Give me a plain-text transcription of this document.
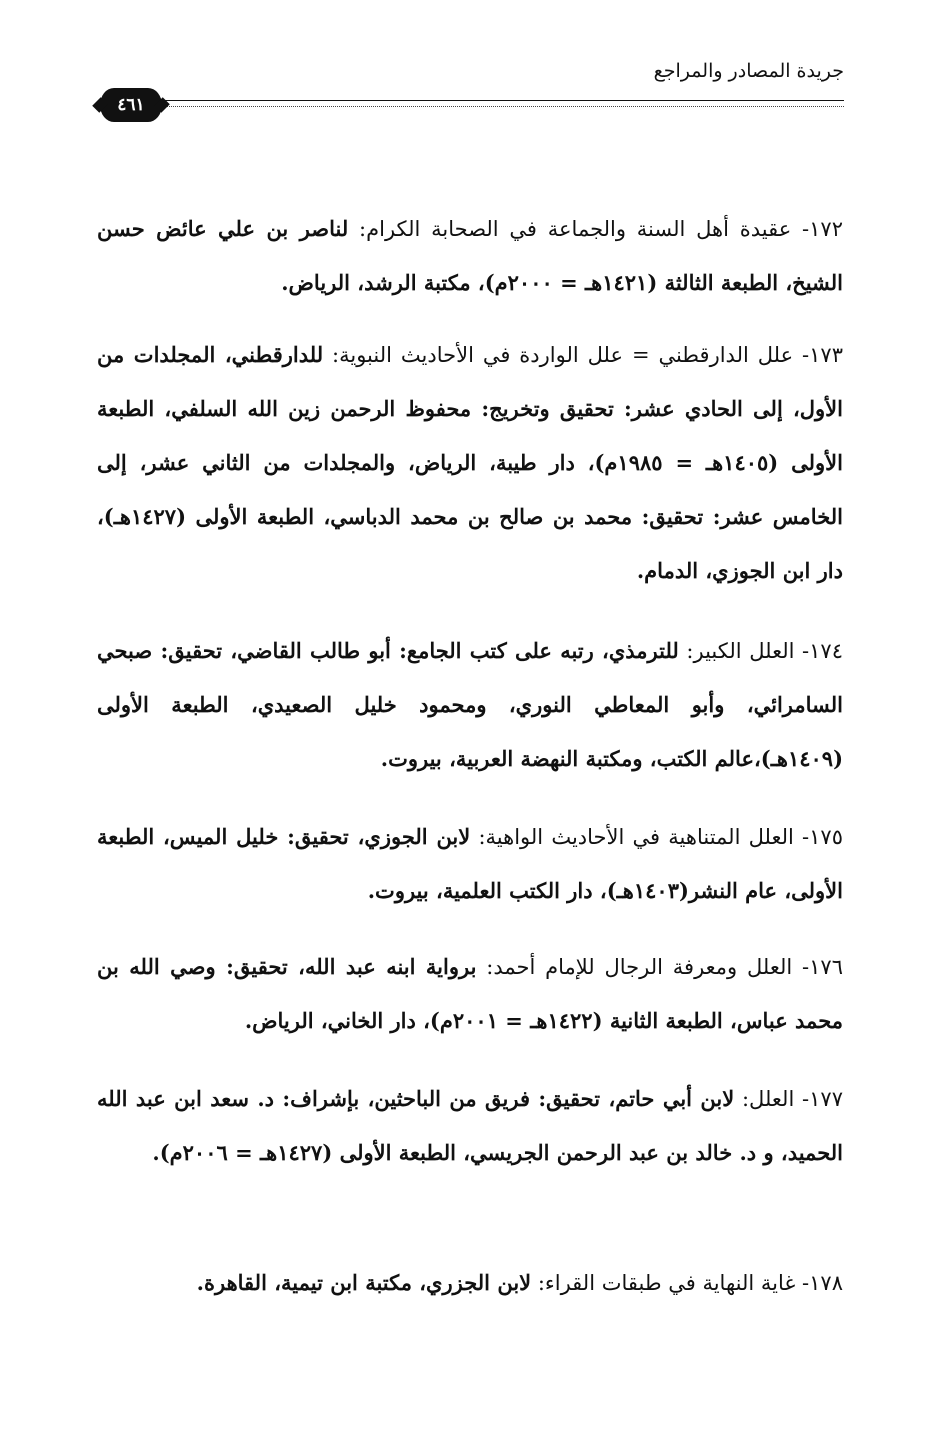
جريدة المصادر والمراجع
٤٦١

١٧٢- عقيدة أهل السنة والجماعة في الصحابة الكرام: لناصر بن علي عائض حسن الشيخ، الطبعة الثالثة (١٤٢١هـ = ٢٠٠٠م)، مكتبة الرشد، الرياض.

١٧٣- علل الدارقطني = علل الواردة في الأحاديث النبوية: للدارقطني، المجلدات من الأول، إلى الحادي عشر: تحقيق وتخريج: محفوظ الرحمن زين الله السلفي، الطبعة الأولى (١٤٠٥هـ = ١٩٨٥م)، دار طيبة، الرياض، والمجلدات من الثاني عشر، إلى الخامس عشر: تحقيق: محمد بن صالح بن محمد الدباسي، الطبعة الأولى (١٤٢٧هـ)، دار ابن الجوزي، الدمام.

١٧٤- العلل الكبير: للترمذي، رتبه على كتب الجامع: أبو طالب القاضي، تحقيق: صبحي السامرائي، وأبو المعاطي النوري، ومحمود خليل الصعيدي، الطبعة الأولى (١٤٠٩هـ)،عالم الكتب، ومكتبة النهضة العربية، بيروت.

١٧٥- العلل المتناهية في الأحاديث الواهية: لابن الجوزي، تحقيق: خليل الميس، الطبعة الأولى، عام النشر(١٤٠٣هـ)، دار الكتب العلمية، بيروت.

١٧٦- العلل ومعرفة الرجال للإمام أحمد: برواية ابنه عبد الله، تحقيق: وصي الله بن محمد عباس، الطبعة الثانية (١٤٢٢هـ = ٢٠٠١م)، دار الخاني، الرياض.

١٧٧- العلل: لابن أبي حاتم، تحقيق: فريق من الباحثين، بإشراف: د. سعد ابن عبد الله الحميد، و د. خالد بن عبد الرحمن الجريسي، الطبعة الأولى (١٤٢٧هـ = ٢٠٠٦م).

١٧٨- غاية النهاية في طبقات القراء: لابن الجزري، مكتبة ابن تيمية، القاهرة.
